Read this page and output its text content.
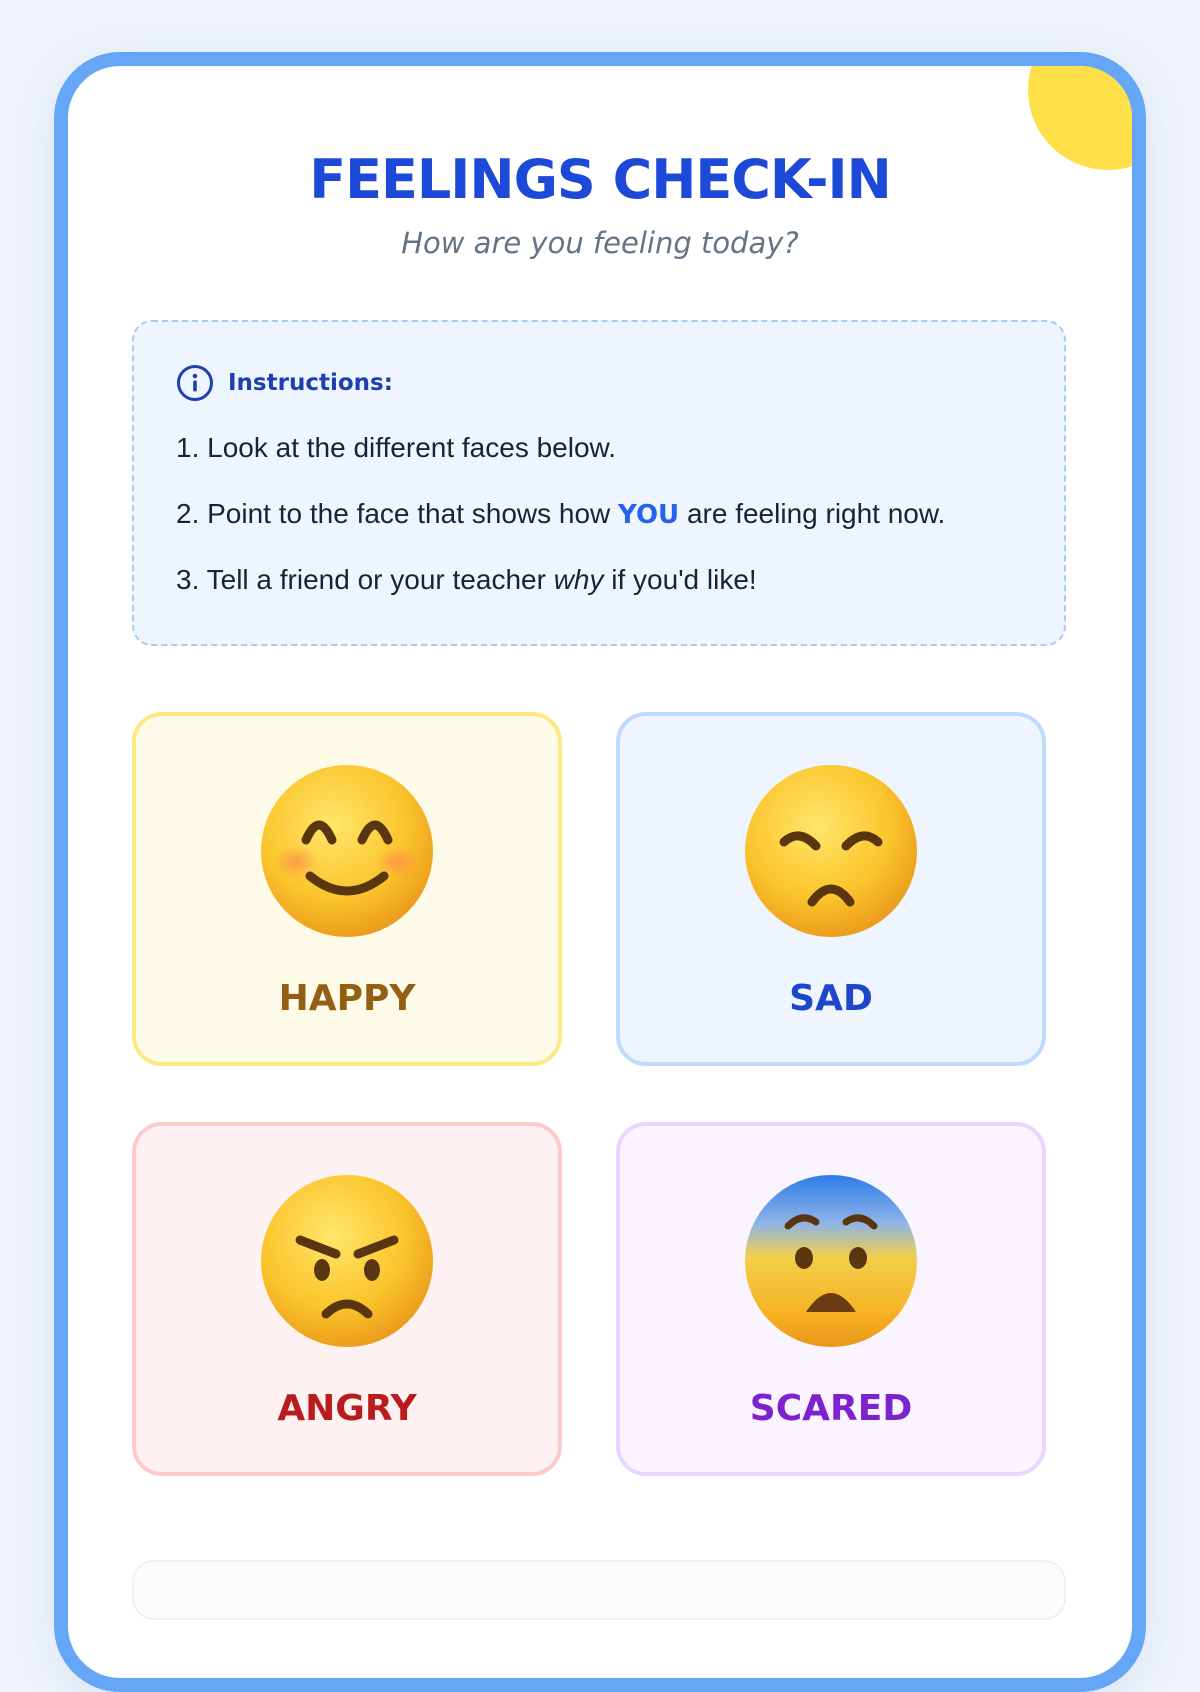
FEELINGS CHECK-IN

How are you feeling today?

Instructions:
1. Look at the different faces below.
2. Point to the face that shows how YOU are feeling right now.
3. Tell a friend or your teacher why if you'd like!
HAPPY	SAD
ANGRY	SCARED
